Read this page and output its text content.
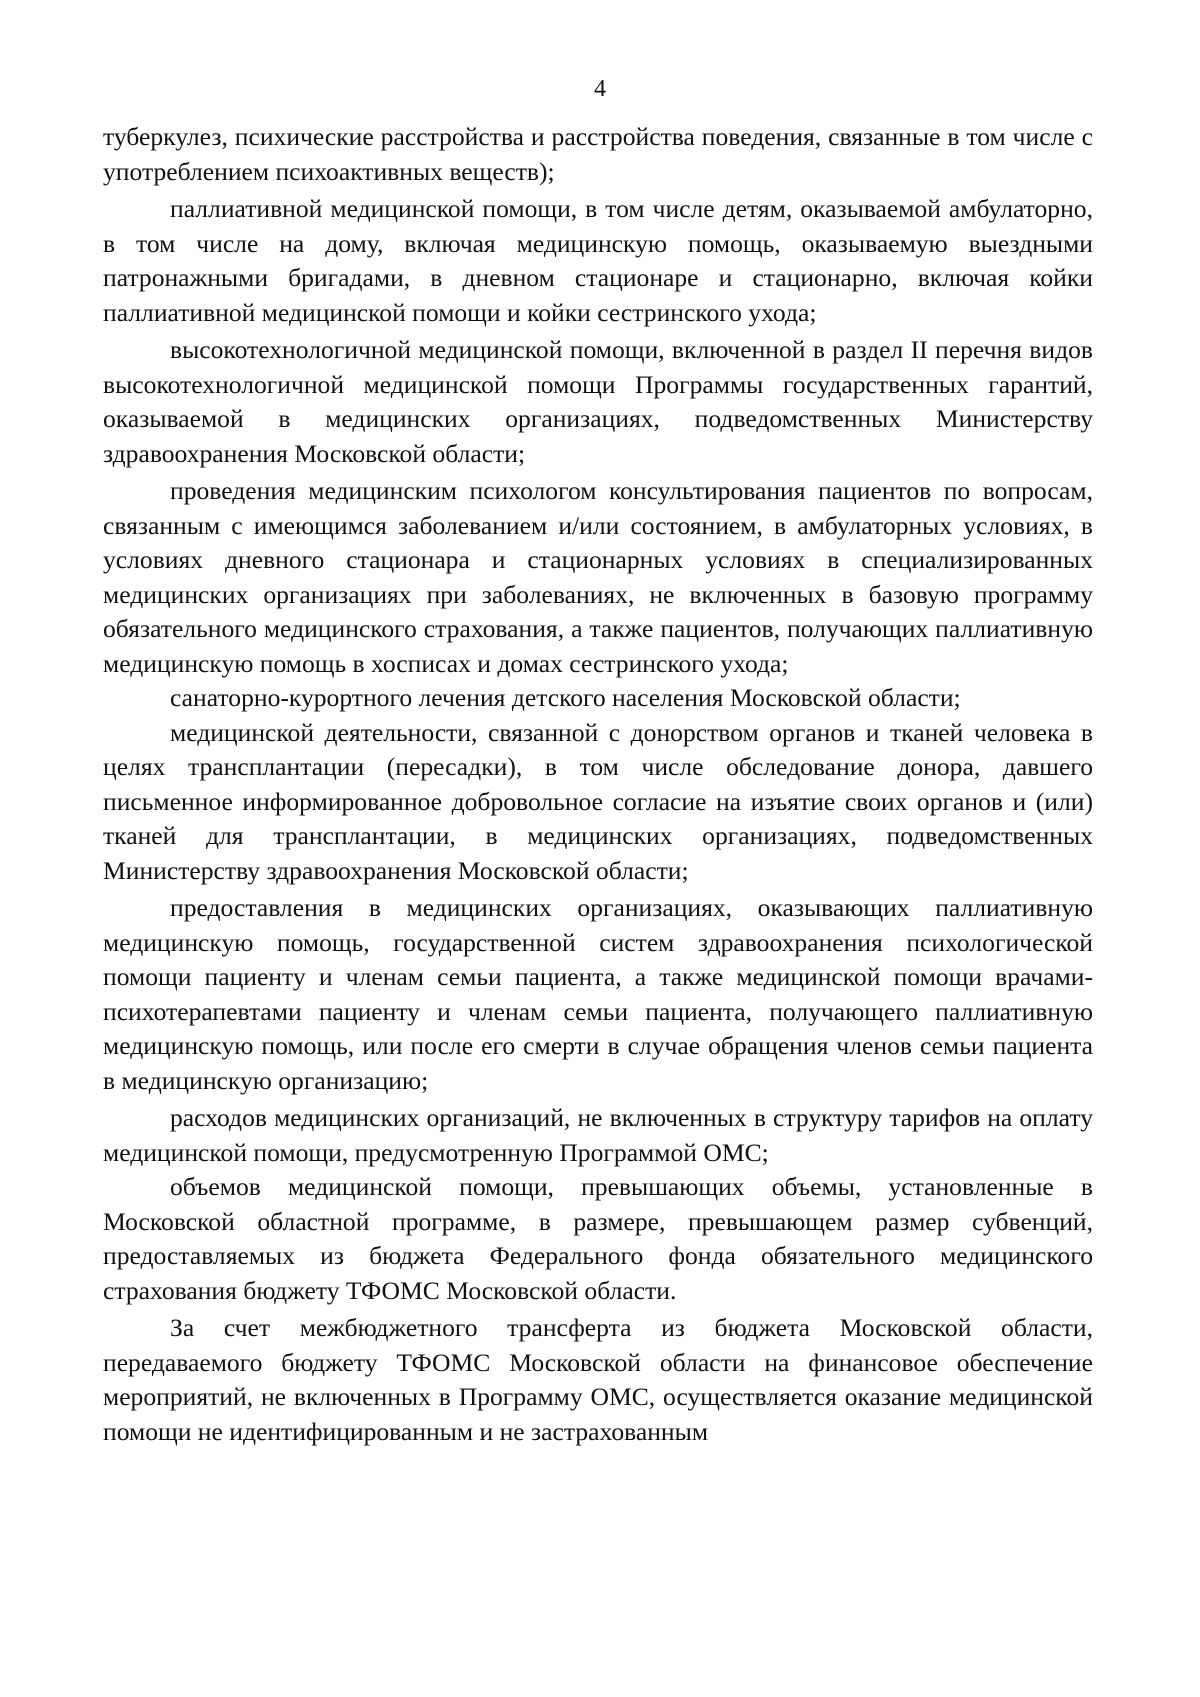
4

туберкулез, психические расстройства и расстройства поведения, связанные в том числе с употреблением психоактивных веществ);

паллиативной медицинской помощи, в том числе детям, оказываемой амбулаторно, в том числе на дому, включая медицинскую помощь, оказываемую выездными патронажными бригадами, в дневном стационаре и стационарно, включая койки паллиативной медицинской помощи и койки сестринского ухода;

высокотехнологичной медицинской помощи, включенной в раздел II перечня видов высокотехнологичной медицинской помощи Программы государственных гарантий, оказываемой в медицинских организациях, подведомственных Министерству здравоохранения Московской области;

проведения медицинским психологом консультирования пациентов по вопросам, связанным с имеющимся заболеванием и/или состоянием, в амбулаторных условиях, в условиях дневного стационара и стационарных условиях в специализированных медицинских организациях при заболеваниях, не включенных в базовую программу обязательного медицинского страхования, а также пациентов, получающих паллиативную медицинскую помощь в хосписах и домах сестринского ухода;

санаторно-курортного лечения детского населения Московской области;

медицинской деятельности, связанной с донорством органов и тканей человека в целях трансплантации (пересадки), в том числе обследование донора, давшего письменное информированное добровольное согласие на изъятие своих органов и (или) тканей для трансплантации, в медицинских организациях, подведомственных Министерству здравоохранения Московской области;

предоставления в медицинских организациях, оказывающих паллиативную медицинскую помощь, государственной систем здравоохранения психологической помощи пациенту и членам семьи пациента, а также медицинской помощи врачами-психотерапевтами пациенту и членам семьи пациента, получающего паллиативную медицинскую помощь, или после его смерти в случае обращения членов семьи пациента в медицинскую организацию;

расходов медицинских организаций, не включенных в структуру тарифов на оплату медицинской помощи, предусмотренную Программой ОМС;

объемов медицинской помощи, превышающих объемы, установленные в Московской областной программе, в размере, превышающем размер субвенций, предоставляемых из бюджета Федерального фонда обязательного медицинского страхования бюджету ТФОМС Московской области.

За счет межбюджетного трансферта из бюджета Московской области, передаваемого бюджету ТФОМС Московской области на финансовое обеспечение мероприятий, не включенных в Программу ОМС, осуществляется оказание медицинской помощи не идентифицированным и не застрахованным
